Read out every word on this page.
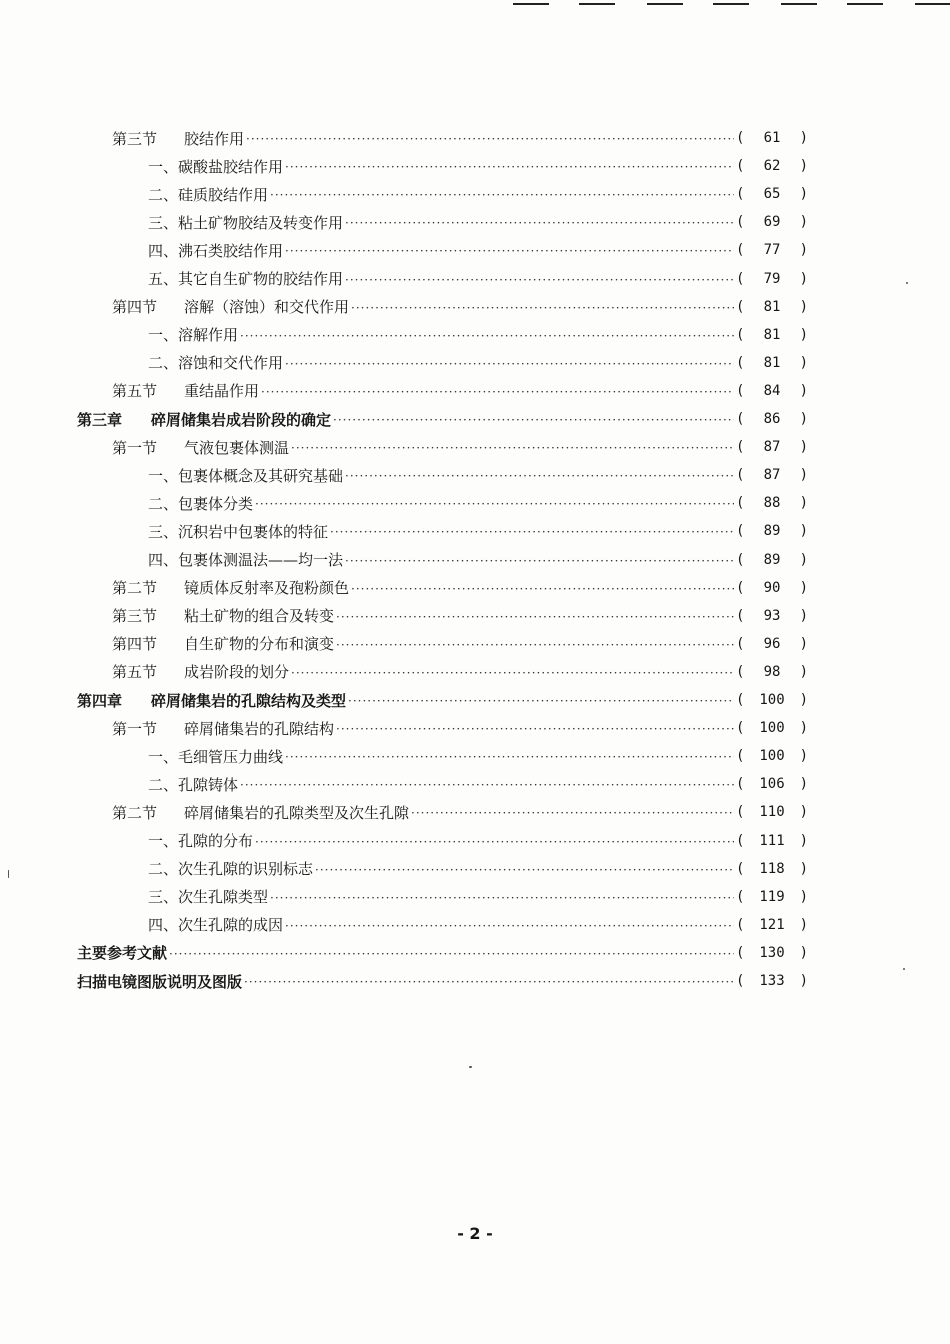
第三节	胶结作用 ·····	(	61	)
一、碳酸盐胶结作用 ·····	(	62	)
二、硅质胶结作用 ·····	(	65	)
三、粘土矿物胶结及转变作用 ·····	(	69	)
四、沸石类胶结作用 ·····	(	77	)
五、其它自生矿物的胶结作用 ·····	(	79	)
第四节	溶解（溶蚀）和交代作用 ·····	(	81	)
一、溶解作用 ·····	(	81	)
二、溶蚀和交代作用 ·····	(	81	)
第五节	重结晶作用 ·····	(	84	)
第三章	碎屑储集岩成岩阶段的确定 ·····	(	86	)
第一节	气液包裹体测温 ·····	(	87	)
一、包裹体概念及其研究基础 ·····	(	87	)
二、包裹体分类 ·····	(	88	)
三、沉积岩中包裹体的特征 ·····	(	89	)
四、包裹体测温法——均一法 ·····	(	89	)
第二节	镜质体反射率及孢粉颜色 ·····	(	90	)
第三节	粘土矿物的组合及转变 ·····	(	93	)
第四节	自生矿物的分布和演变 ·····	(	96	)
第五节	成岩阶段的划分 ·····	(	98	)
第四章	碎屑储集岩的孔隙结构及类型 ·····	(	100	)
第一节	碎屑储集岩的孔隙结构 ·····	(	100	)
一、毛细管压力曲线 ·····	(	100	)
二、孔隙铸体 ·····	(	106	)
第二节	碎屑储集岩的孔隙类型及次生孔隙 ·····	(	110	)
一、孔隙的分布 ·····	(	111	)
二、次生孔隙的识别标志 ·····	(	118	)
三、次生孔隙类型 ·····	(	119	)
四、次生孔隙的成因 ·····	(	121	)
主要参考文献 ·····	(	130	)
扫描电镜图版说明及图版 ·····	(	133	)
- 2 -
